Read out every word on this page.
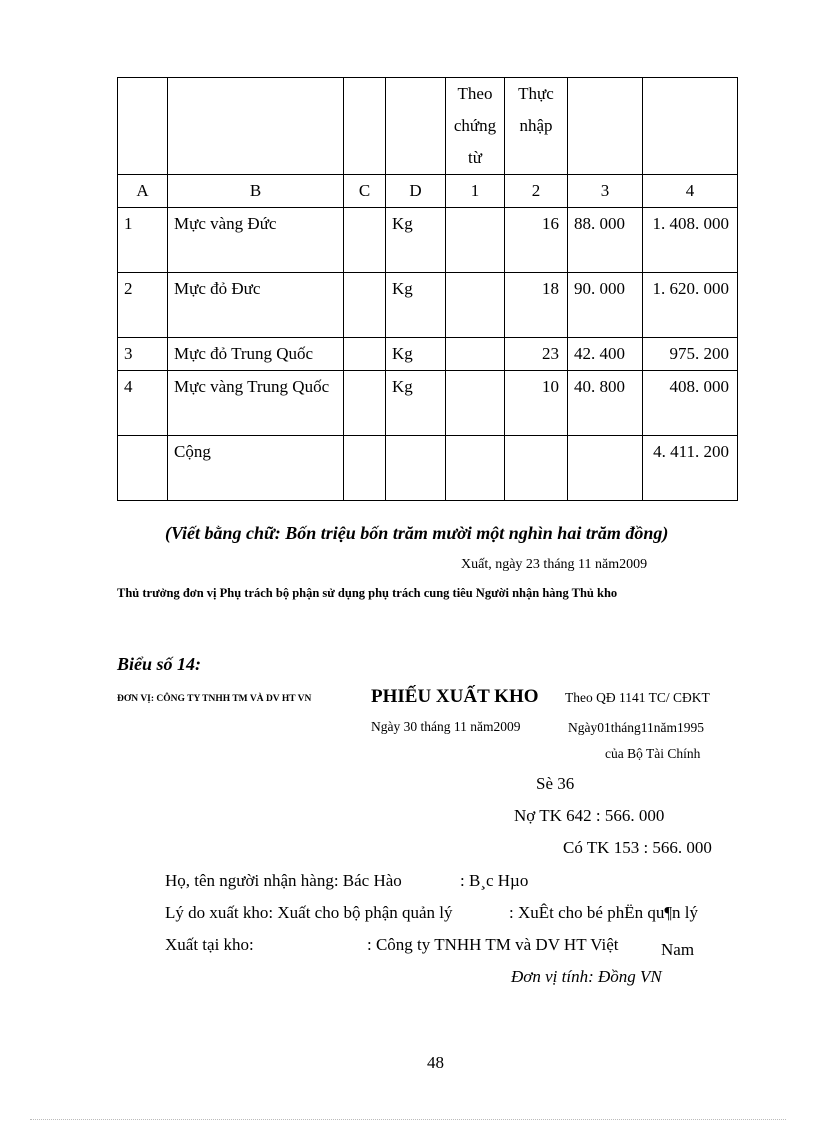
				Theo chứng từ	Thực nhập		
A	B	C	D	1	2	3	4
1	Mực vàng Đức		Kg		16	88. 000	1. 408. 000
2	Mực đỏ Đưc		Kg		18	90. 000	1. 620. 000
3	Mực đỏ Trung Quốc		Kg		23	42. 400	975. 200
4	Mực vàng Trung Quốc		Kg		10	40. 800	408. 000
	Cộng						4. 411. 200
(Viết bằng chữ: Bốn triệu bốn trăm mười một nghìn hai trăm đồng)
Xuất, ngày 23 tháng 11 năm2009
Thủ trưởng đơn vị Phụ trách bộ phận sử dụng phụ trách cung tiêu Người nhận hàng Thủ kho
Biểu số 14:
ĐƠN VỊ: CÔNG TY TNHH TM VÀ DV HT VN	PHIẾU XUẤT KHO Theo QĐ 1141 TC/ CĐKT
Ngày 30 tháng 11 năm2009	Ngày01tháng11năm1995
của Bộ Tài Chính
Sè 36
Nợ TK 642 : 566. 000
Có TK 153 : 566. 000
Họ, tên người nhận hàng: Bác Hào	: B¸c Hµo
Lý do xuất kho: Xuất cho bộ phận quản lý	: XuÊt cho bé phËn qu¶n lý
Xuất tại kho:	: Công ty TNHH TM và DV HT Việt	Nam
Đơn vị tính: Đồng VN
48
